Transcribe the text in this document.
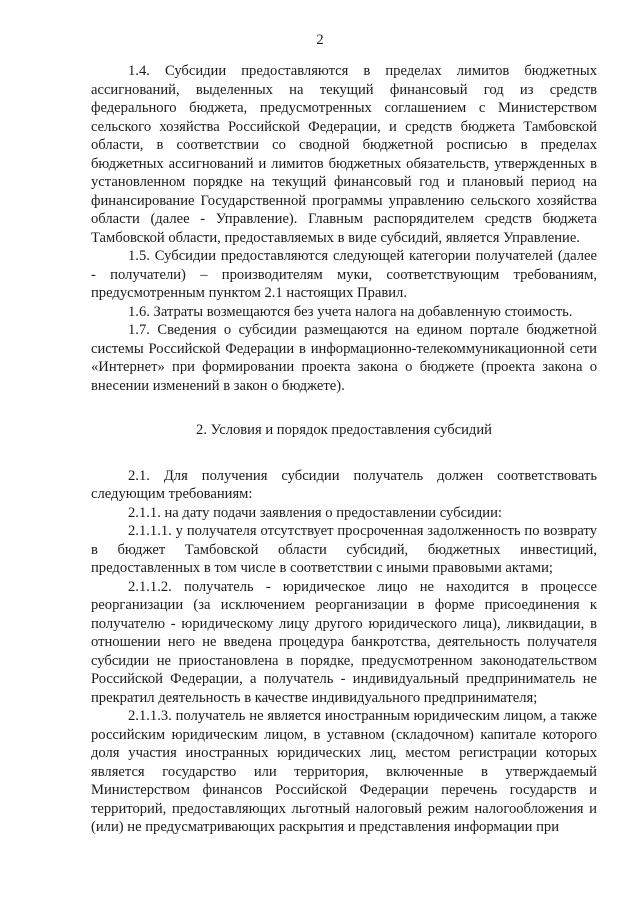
2

1.4. Субсидии предоставляются в пределах лимитов бюджетных ассигнований, выделенных на текущий финансовый год из средств федерального бюджета, предусмотренных соглашением с Министерством сельского хозяйства Российской Федерации, и средств бюджета Тамбовской области, в соответствии со сводной бюджетной росписью в пределах бюджетных ассигнований и лимитов бюджетных обязательств, утвержденных в установленном порядке на текущий финансовый год и плановый период на финансирование Государственной программы управлению сельского хозяйства области (далее - Управление). Главным распорядителем средств бюджета Тамбовской области, предоставляемых в виде субсидий, является Управление.

1.5. Субсидии предоставляются следующей категории получателей (далее - получатели) – производителям муки, соответствующим требованиям, предусмотренным пунктом 2.1 настоящих Правил.

1.6. Затраты возмещаются без учета налога на добавленную стоимость.

1.7. Сведения о субсидии размещаются на едином портале бюджетной системы Российской Федерации в информационно-телекоммуникационной сети «Интернет» при формировании проекта закона о бюджете (проекта закона о внесении изменений в закон о бюджете).

2. Условия и порядок предоставления субсидий

2.1. Для получения субсидии получатель должен соответствовать следующим требованиям:

2.1.1. на дату подачи заявления о предоставлении субсидии:

2.1.1.1. у получателя отсутствует просроченная задолженность по возврату в бюджет Тамбовской области субсидий, бюджетных инвестиций, предоставленных в том числе в соответствии с иными правовыми актами;

2.1.1.2. получатель - юридическое лицо не находится в процессе реорганизации (за исключением реорганизации в форме присоединения к получателю - юридическому лицу другого юридического лица), ликвидации, в отношении него не введена процедура банкротства, деятельность получателя субсидии не приостановлена в порядке, предусмотренном законодательством Российской Федерации, а получатель - индивидуальный предприниматель не прекратил деятельность в качестве индивидуального предпринимателя;

2.1.1.3. получатель не является иностранным юридическим лицом, а также российским юридическим лицом, в уставном (складочном) капитале которого доля участия иностранных юридических лиц, местом регистрации которых является государство или территория, включенные в утверждаемый Министерством финансов Российской Федерации перечень государств и территорий, предоставляющих льготный налоговый режим налогообложения и (или) не предусматривающих раскрытия и представления информации при
